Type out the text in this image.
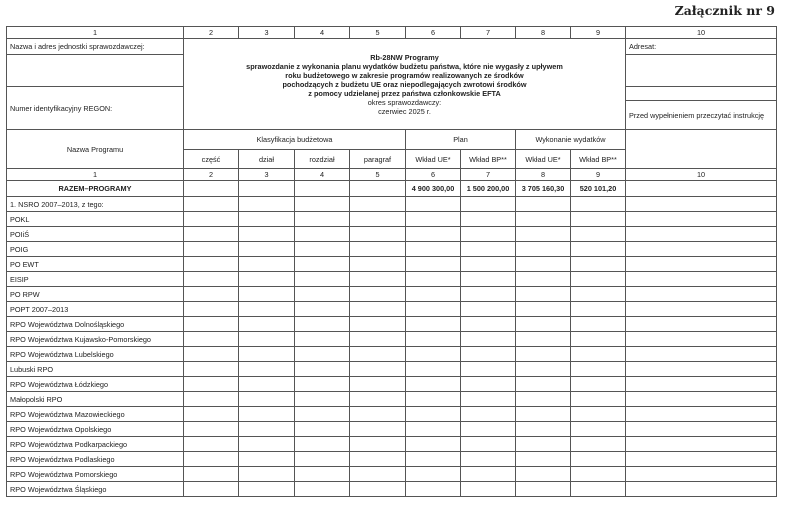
Załącznik nr 9
1	2	3	4	5	6	7	8	9	10
Nazwa i adres jednostki sprawozdawczej:	
Rb-28NW Programy
sprawozdanie z wykonania planu wydatków budżetu państwa, które nie wygasły z upływem
roku budżetowego w zakresie programów realizowanych ze środków
pochodzących z budżetu UE oraz niepodlegających zwrotowi środków
z pomocy udzielanej przez państwa członkowskie EFTA
okres sprawozdawczy:
czerwiec 2025 r.
	Adresat:

Numer identyfikacyjny REGON:									
									Przed wypełnieniem przeczytać instrukcję
Nazwa Programu	Klasyfikacja budżetowa				Plan		Wykonanie wydatków		
	część	dział	rozdział	paragraf	Wkład UE*	Wkład BP**	Wkład UE*	Wkład BP**	
1	2	3	4	5	6	7	8	9	10
RAZEM–PROGRAMY					4 900 300,00	1 500 200,00	3 705 160,30	520 101,20	
1. NSRO 2007–2013, z tego:									
POKL									
POIiŚ									
POIG									
PO EWT									
EISIP									
PO RPW									
POPT 2007–2013									
RPO Województwa Dolnośląskiego									
RPO Województwa Kujawsko-Pomorskiego									
RPO Województwa Lubelskiego									
Lubuski RPO									
RPO Województwa Łódzkiego									
Małopolski RPO									
RPO Województwa Mazowieckiego									
RPO Województwa Opolskiego									
RPO Województwa Podkarpackiego									
RPO Województwa Podlaskiego									
RPO Województwa Pomorskiego									
RPO Województwa Śląskiego									
